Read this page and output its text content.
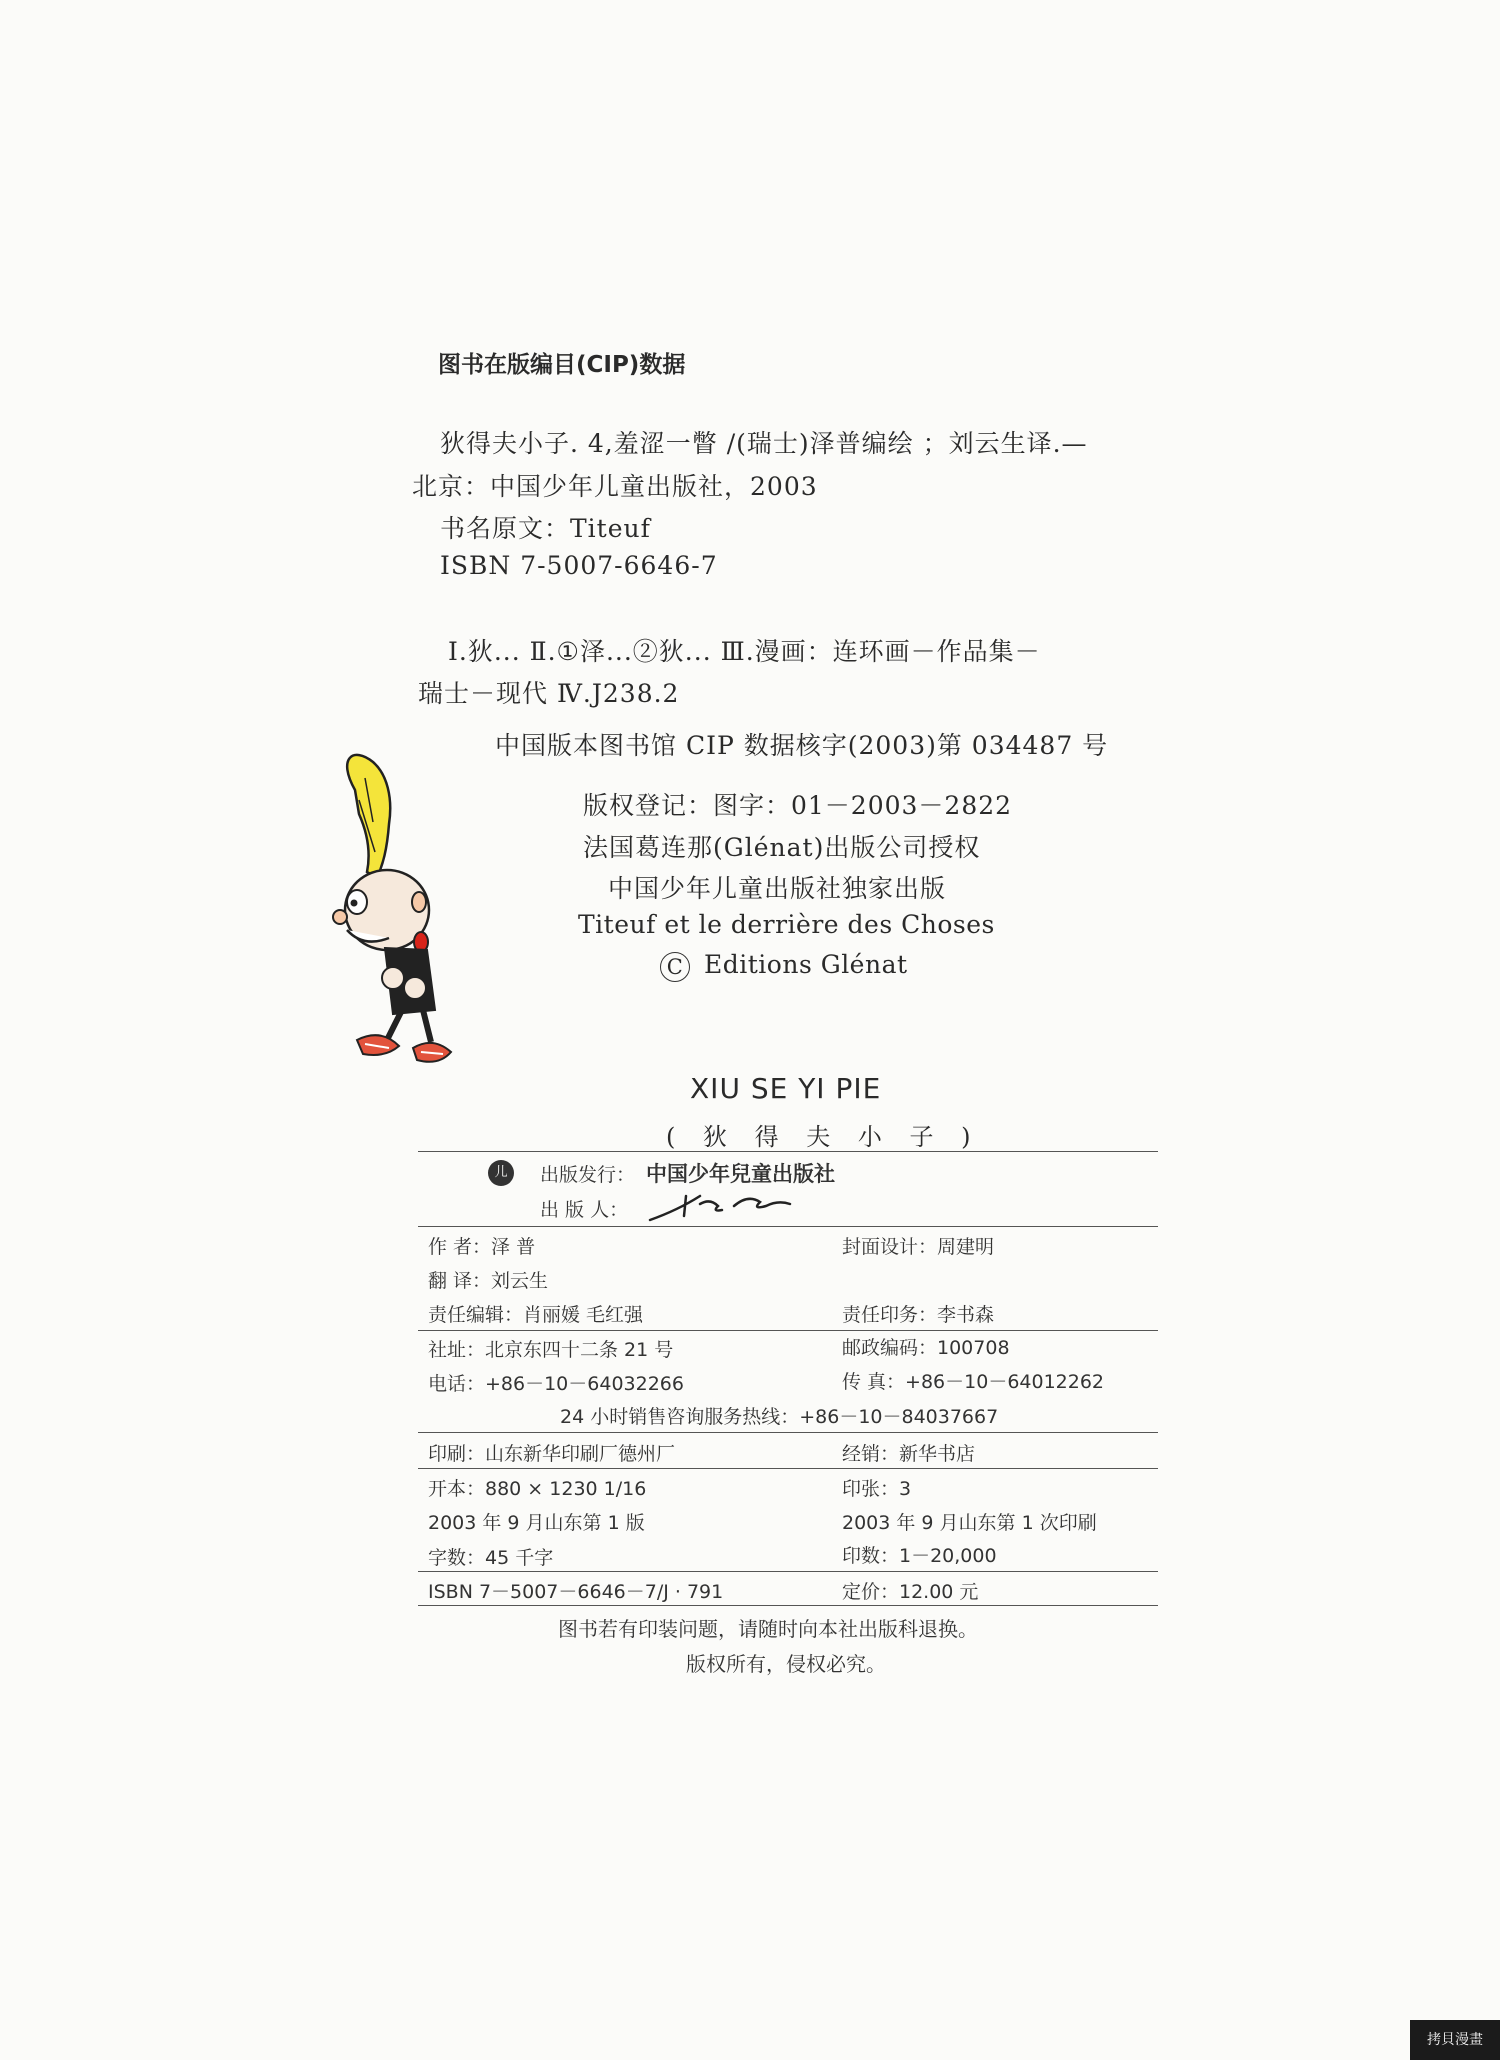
图书在版编目(CIP)数据
狄得夫小子. 4,羞涩一瞥 /(瑞士)泽普编绘 ；刘云生译.—
北京：中国少年儿童出版社，2003
书名原文：Titeuf
ISBN 7-5007-6646-7
Ⅰ.狄... Ⅱ.①泽...②狄... Ⅲ.漫画：连环画－作品集－
瑞士－现代 Ⅳ.J238.2
中国版本图书馆 CIP 数据核字(2003)第 034487 号
版权登记：图字：01－2003－2822
法国葛连那(Glénat)出版公司授权
中国少年儿童出版社独家出版
Titeuf et le derrière des Choses
C Editions Glénat
XIU SE YI PIE
( 狄 得 夫 小 子 )
儿	出版发行： 中国少年兒童出版社
出 版 人：
作 者：泽 普	封面设计：周建明
翻 译：刘云生
责任编辑：肖丽媛 毛红强	责任印务：李书森
社址：北京东四十二条 21 号	邮政编码：100708
电话：+86－10－64032266	传 真：+86－10－64012262
24 小时销售咨询服务热线：+86－10－84037667
印刷：山东新华印刷厂德州厂	经销：新华书店
开本：880 × 1230 1/16	印张：3
2003 年 9 月山东第 1 版	2003 年 9 月山东第 1 次印刷
字数：45 千字	印数：1－20,000
ISBN 7－5007－6646－7/J · 791	定价：12.00 元
图书若有印装问题，请随时向本社出版科退换。
版权所有，侵权必究。
拷貝漫畫
